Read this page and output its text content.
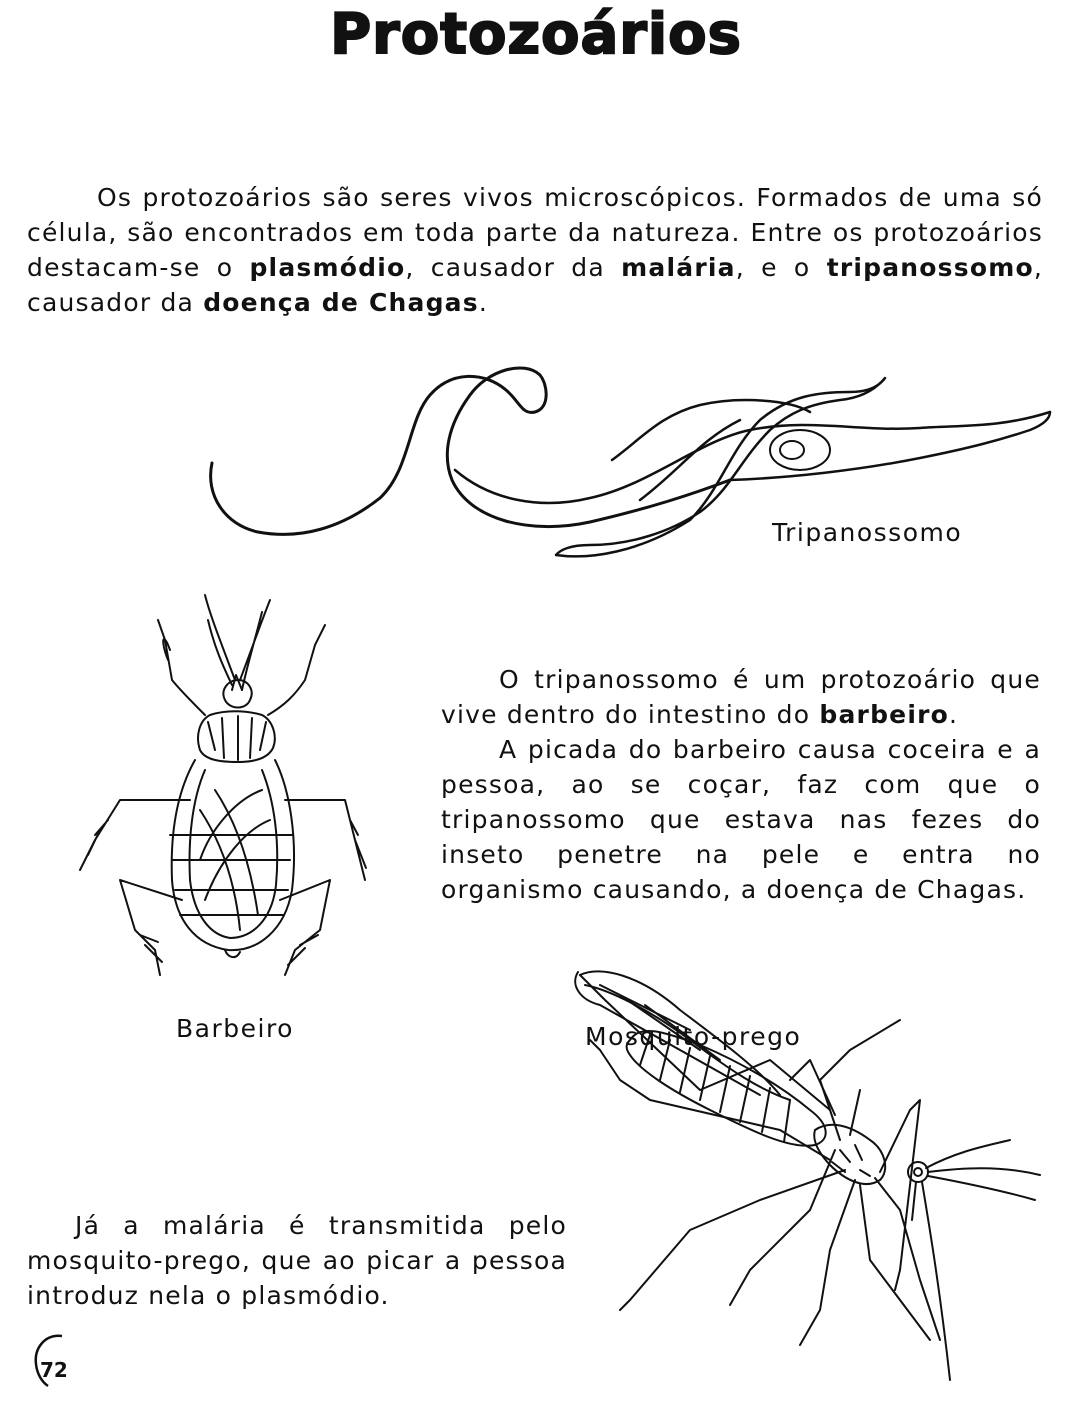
Protozoários

Os protozoários são seres vivos microscópicos. Formados de uma só célula, são encontrados em toda parte da natureza. Entre os protozoários destacam-se o plasmódio, causador da malária, e o tripanossomo, causador da doença de Chagas.

O tripanossomo é um protozoário que vive dentro do intestino do barbeiro.
A picada do barbeiro causa coceira e a pessoa, ao se coçar, faz com que o tripanossomo que estava nas fezes do inseto penetre na pele e entra no organismo causando, a doença de Chagas.

Já a malária é transmitida pelo mosquito-prego, que ao picar a pessoa introduz nela o plasmódio.

Tripanossomo
Barbeiro	Mosquito-prego
72
